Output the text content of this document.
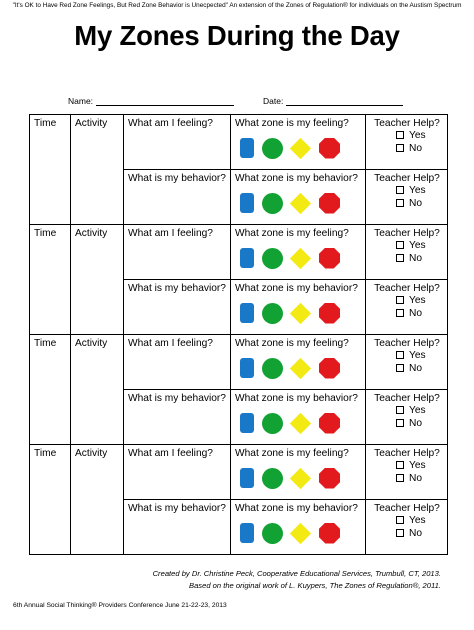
"It's OK to Have Red Zone Feelings, But Red Zone Behavior is Unecpected" An extension of the Zones of Regulation® for individuals on the Austism Spectrum
My Zones During the Day
Name:	Date:
Time	Activity	What am I feeling?	What zone is my feeling?	Teacher Help?
Yes
No

		What is my behavior?	What zone is my behavior?	Teacher Help?
Yes
No

Time	Activity	What am I feeling?	What zone is my feeling?	Teacher Help?
Yes
No

		What is my behavior?	What zone is my behavior?	Teacher Help?
Yes
No

Time	Activity	What am I feeling?	What zone is my feeling?	Teacher Help?
Yes
No

		What is my behavior?	What zone is my behavior?	Teacher Help?
Yes
No

Time	Activity	What am I feeling?	What zone is my feeling?	Teacher Help?
Yes
No

		What is my behavior?	What zone is my behavior?	Teacher Help?
Yes
No
Created by Dr. Christine Peck, Cooperative Educational Services, Trumbull, CT, 2013.
Based on the original work of L. Kuypers, The Zones of Regulation®, 2011.
6th Annual Social Thinking® Providers Conference June 21-22-23, 2013
